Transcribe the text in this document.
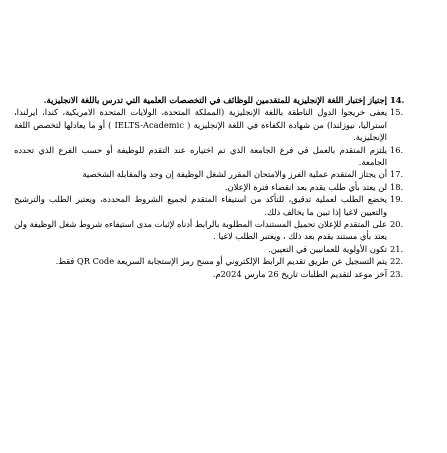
14.
إجتياز إختبار اللغة الإنجليزية للمتقدمين للوظائف في التخصصات العلمية التي تدرس باللغة الانجليزية.
15.
يعفى خريجوا الدول الناطقة باللغة الإنجليزية (المملكة المتحدة، الولايات المتحدة الامريكية، كندا، ايرلندا، استراليا، نيوزلندا) من شهادة الكفاءة في اللغة الإنجليزية ( IELTS-Academic ) أو ما يعادلها لتخصص اللغة الإنجليزية.
16.
يلتزم المتقدم بالعمل في فرع الجامعة الذي تم اختياره عند التقدم للوظيفة أو حسب الفرع الذي تحدده الجامعة.
17.
أن يجتاز المتقدم عملية الفرز والامتحان المقرر لشغل الوظيفة إن وجد والمقابلة الشخصية
18.
لن يعتد بأي طلب يقدم بعد انقضاء فترة الإعلان.
19.
يخضع الطلب لعملية تدقيق، للتأكد من استيفاء المتقدم لجميع الشروط المحددة، ويعتبر الطلب والترشيح والتعيين لاغيا إذا تبين ما يخالف ذلك.
20.
على المتقدم للإعلان تحميل المستندات المطلوبة بالرابط أدناه لإثبات مدى استيفاءه شروط شغل الوظيفة ولن يعتد بأي مستند يقدم بعد ذلك ، ويعتبر الطلب لاغيا .
21.
تكون الأولوية للعمانيين في التعيين.
22.
يتم التسجيل عن طريق تقديم الرابط الإلكتروني أو مسح رمز الإستجابة السريعة QR Code فقط.
23.
آخر موعد لتقديم الطلبات تاريخ 26 مارس 2024م.
